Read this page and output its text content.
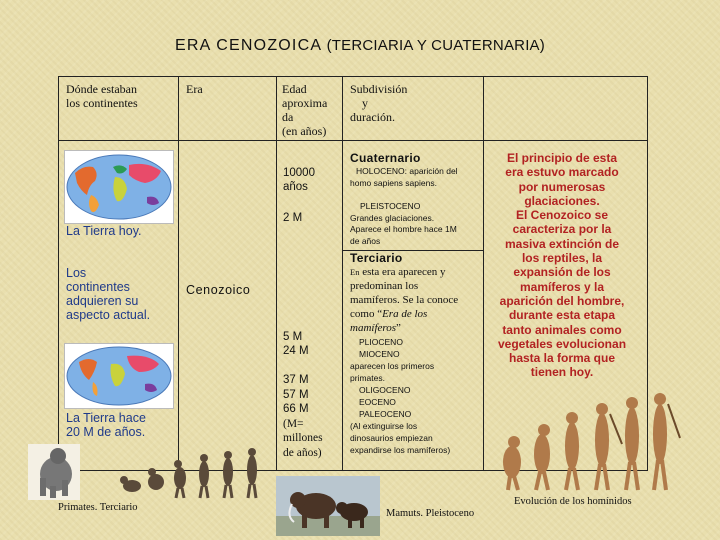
ERA CENOZOICA (TERCIARIA Y CUATERNARIA)
Dónde estaban
los continentes
Era	Edad
aproxima
da
(en años)
Subdivisión
y
duración.
La Tierra hoy.
Los
continentes
adquieren su
aspecto actual.
La Tierra hace
20 M de años.
Cenozoico
10000
años
2 M
5 M
24 M
37 M
57 M
66 M
(M=
millones
de años)
Cuaternario
HOLOCENO: aparición del
homo sapiens sapiens.
PLEISTOCENO
Grandes glaciaciones.
Aparece el hombre hace 1M
de años
Terciario
En esta era aparecen y
predominan los
mamíferos. Se la conoce
como “Era de los
mamíferos”
PLIOCENO
MIOCENO
aparecen los primeros
primates.
OLIGOCENO
EOCENO
PALEOCENO
(Al extinguirse los
dinosaurios empiezan
expandirse los mamíferos)
El principio de esta
era estuvo marcado
por numerosas
glaciaciones.
El Cenozoico se
caracteriza por la
masiva extinción de
los reptiles, la
expansión de los
mamíferos y la
aparición del hombre,
durante esta etapa
tanto animales como
vegetales evolucionan
hasta la forma que
tienen hoy.
Primates. Terciario
Mamuts. Pleistoceno
Evolución de los homínidos
